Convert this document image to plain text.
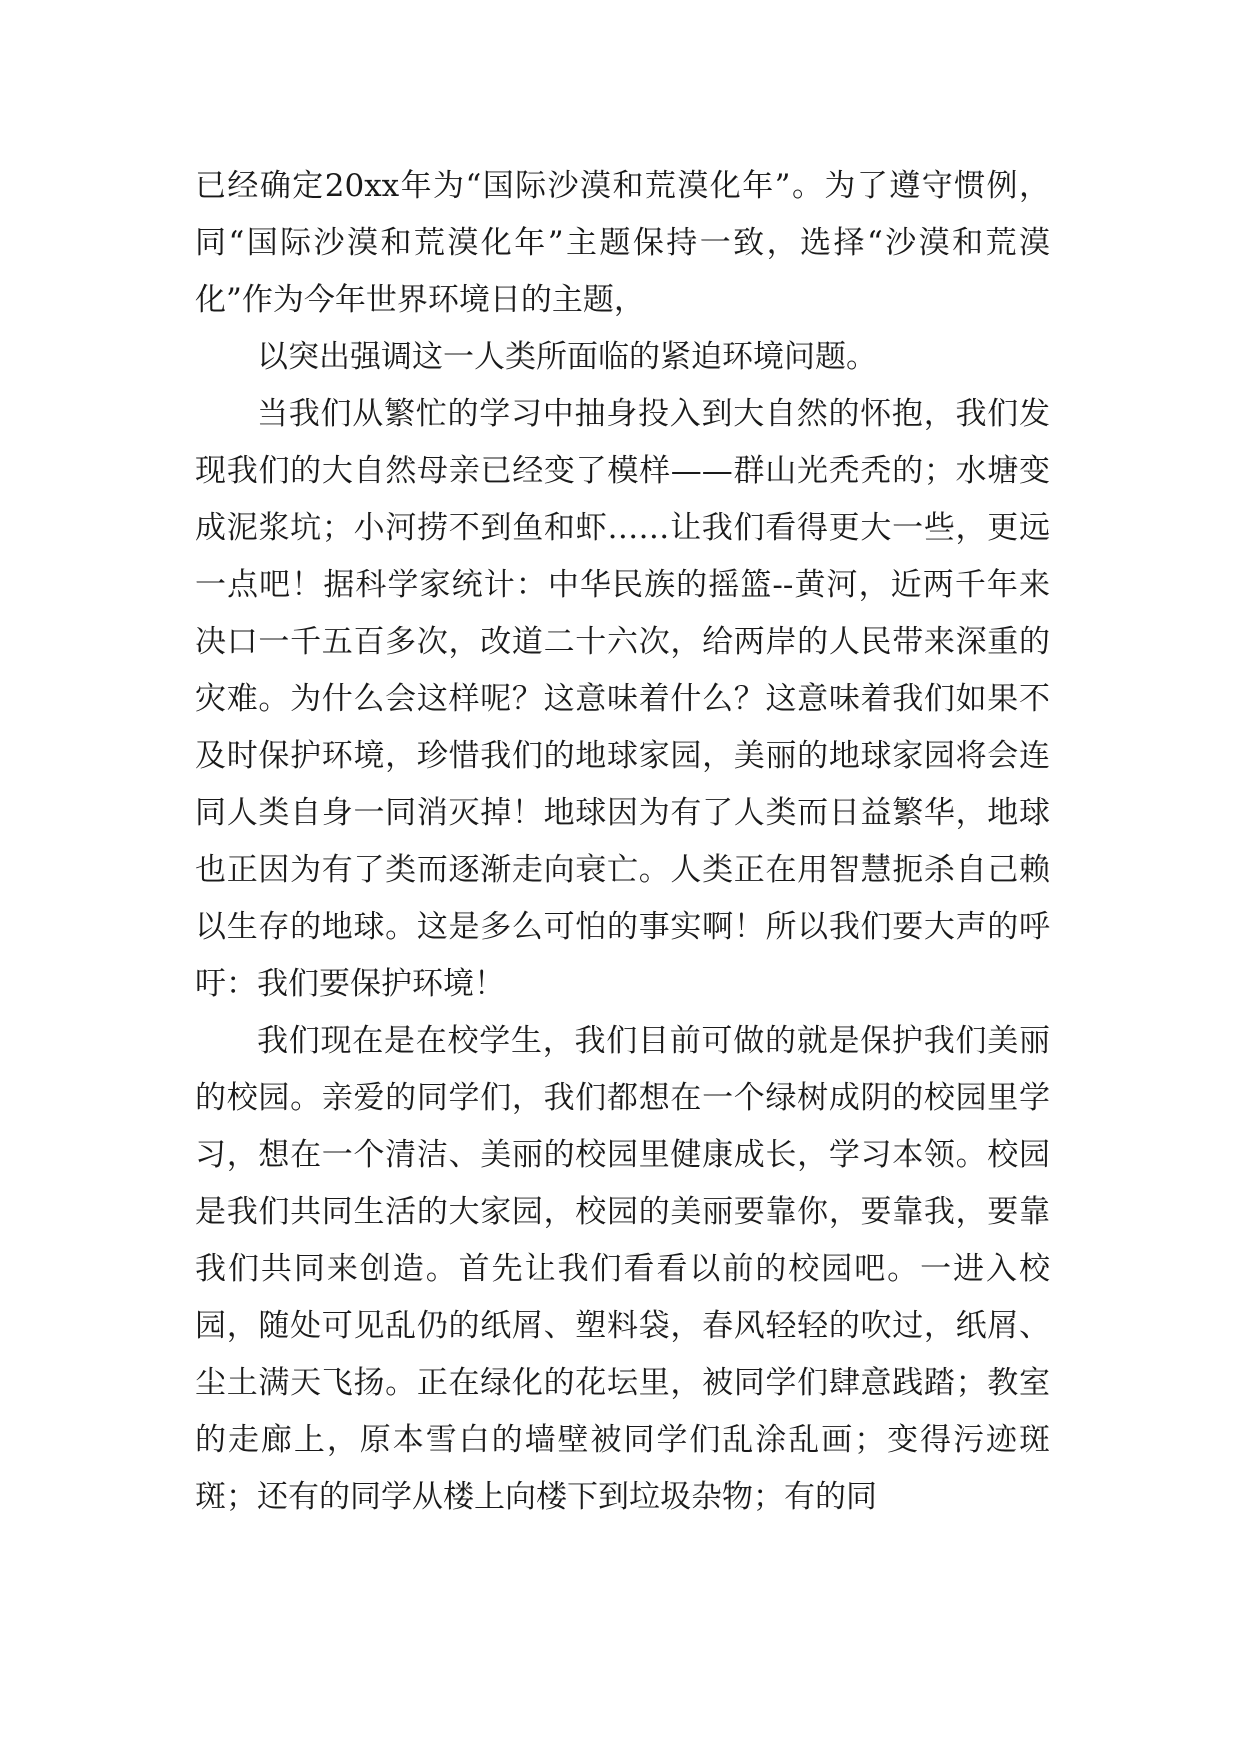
已经确定20xx年为“国际沙漠和荒漠化年”。为了遵守惯例，同“国际沙漠和荒漠化年”主题保持一致，选择“沙漠和荒漠化”作为今年世界环境日的主题，

以突出强调这一人类所面临的紧迫环境问题。

当我们从繁忙的学习中抽身投入到大自然的怀抱，我们发现我们的大自然母亲已经变了模样——群山光秃秃的；水塘变成泥浆坑；小河捞不到鱼和虾……让我们看得更大一些，更远一点吧！据科学家统计：中华民族的摇篮--黄河，近两千年来决口一千五百多次，改道二十六次，给两岸的人民带来深重的灾难。为什么会这样呢？这意味着什么？这意味着我们如果不及时保护环境，珍惜我们的地球家园，美丽的地球家园将会连同人类自身一同消灭掉！地球因为有了人类而日益繁华，地球也正因为有了类而逐渐走向衰亡。人类正在用智慧扼杀自己赖以生存的地球。这是多么可怕的事实啊！所以我们要大声的呼吁：我们要保护环境！

我们现在是在校学生，我们目前可做的就是保护我们美丽的校园。亲爱的同学们，我们都想在一个绿树成阴的校园里学习，想在一个清洁、美丽的校园里健康成长，学习本领。校园是我们共同生活的大家园，校园的美丽要靠你，要靠我，要靠我们共同来创造。首先让我们看看以前的校园吧。一进入校园，随处可见乱仍的纸屑、塑料袋，春风轻轻的吹过，纸屑、尘土满天飞扬。正在绿化的花坛里，被同学们肆意践踏；教室的走廊上，原本雪白的墙壁被同学们乱涂乱画；变得污迹斑斑；还有的同学从楼上向楼下到垃圾杂物；有的同
